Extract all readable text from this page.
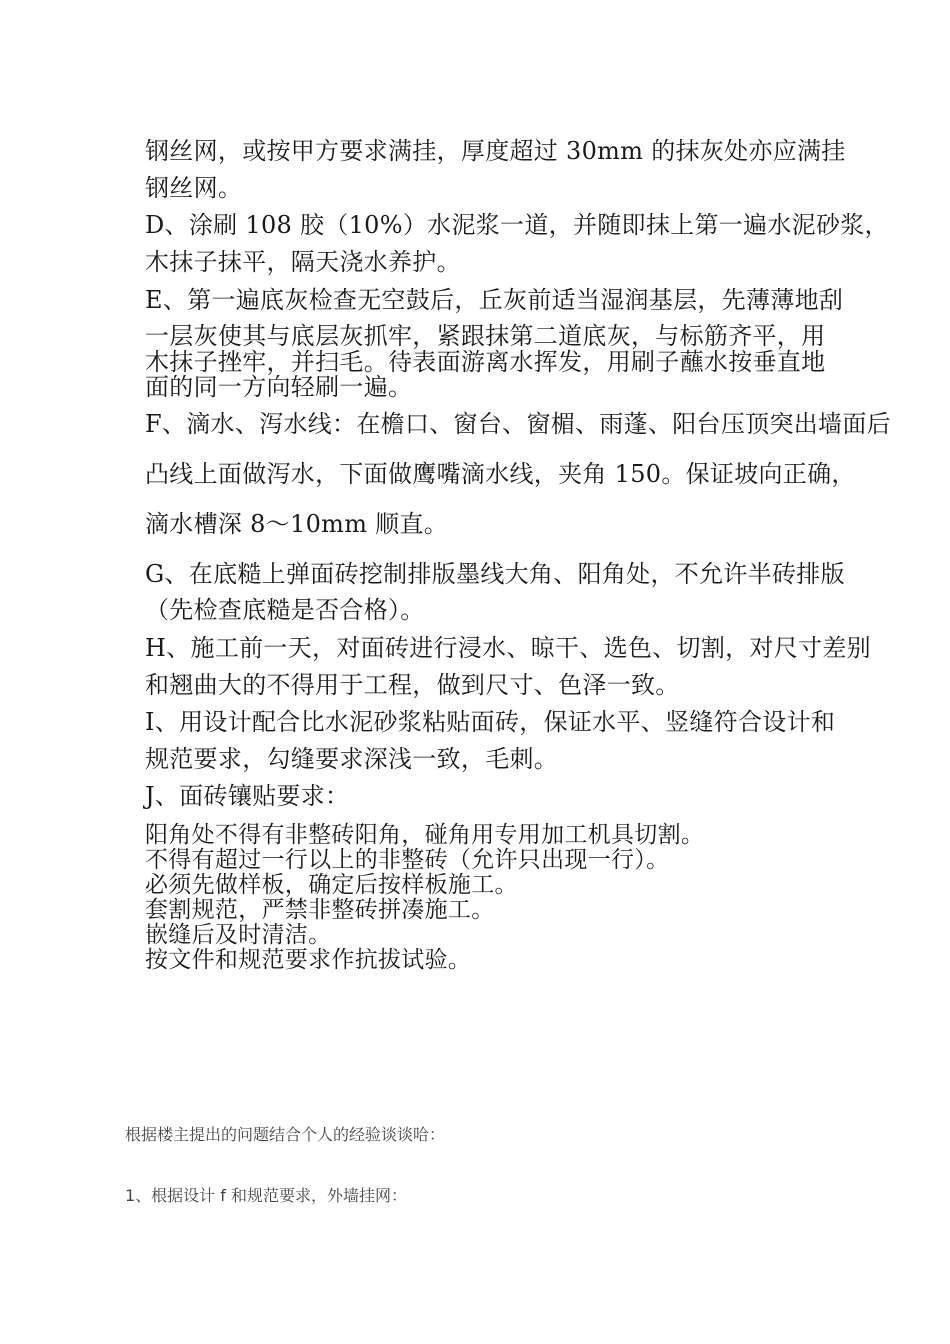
钢丝网，或按甲方要求满挂，厚度超过 30mm 的抹灰处亦应满挂
钢丝网。
D、涂刷 108 胶（10%）水泥浆一道，并随即抹上第一遍水泥砂浆，
木抹子抹平，隔天浇水养护。
E、第一遍底灰检查无空鼓后，丘灰前适当湿润基层，先薄薄地刮
一层灰使其与底层灰抓牢，紧跟抹第二道底灰，与标筋齐平，用
木抹子挫牢，并扫毛。待表面游离水挥发，用刷子蘸水按垂直地
面的同一方向轻刷一遍。
F、滴水、泻水线：在檐口、窗台、窗楣、雨蓬、阳台压顶突出墙面后
凸线上面做泻水，下面做鹰嘴滴水线，夹角 150。保证坡向正确，
滴水槽深 8～10mm 顺直。
G、在底糙上弹面砖挖制排版墨线大角、阳角处，不允许半砖排版
（先检查底糙是否合格）。
H、施工前一天，对面砖进行浸水、晾干、选色、切割，对尺寸差别
和翘曲大的不得用于工程，做到尺寸、色泽一致。
I、用设计配合比水泥砂浆粘贴面砖，保证水平、竖缝符合设计和
规范要求，勾缝要求深浅一致，毛刺。
J、面砖镶贴要求：
阳角处不得有非整砖阳角，碰角用专用加工机具切割。
不得有超过一行以上的非整砖（允许只出现一行）。
必须先做样板，确定后按样板施工。
套割规范，严禁非整砖拼凑施工。
嵌缝后及时清洁。
按文件和规范要求作抗拔试验。
根据楼主提出的问题结合个人的经验谈谈哈：
1、根据设计 f 和规范要求，外墙挂网：
